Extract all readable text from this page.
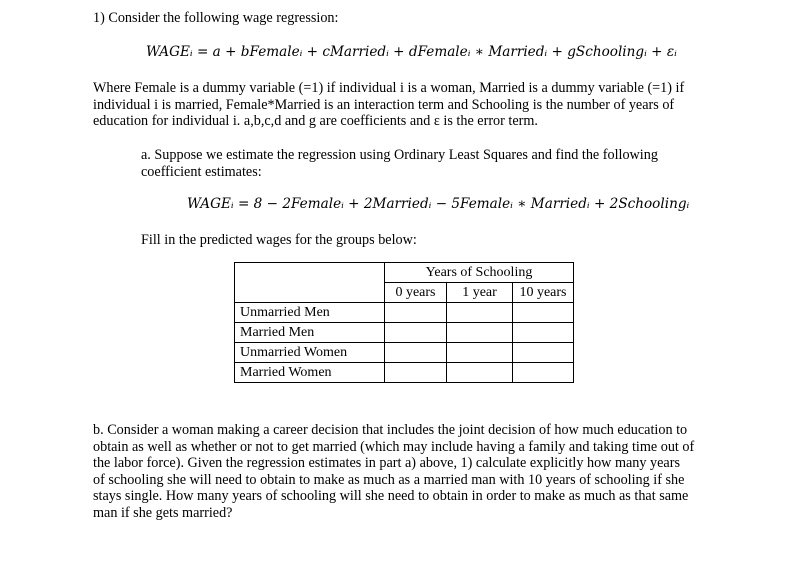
1) Consider the following wage regression:
WAGEᵢ = a + bFemaleᵢ + cMarriedᵢ + dFemaleᵢ ∗ Marriedᵢ + gSchoolingᵢ + εᵢ
Where Female is a dummy variable (=1) if individual i is a woman, Married is a dummy variable (=1) if
individual i is married, Female*Married is an interaction term and Schooling is the number of years of
education for individual i. a,b,c,d and g are coefficients and ε is the error term.
a. Suppose we estimate the regression using Ordinary Least Squares and find the following
coefficient estimates:
WAGEᵢ = 8 − 2Femaleᵢ + 2Marriedᵢ − 5Femaleᵢ ∗ Marriedᵢ + 2Schoolingᵢ
Fill in the predicted wages for the groups below:
	Years of Schooling		
	0 years	1 year	10 years
Unmarried Men			
Married Men			
Unmarried Women			
Married Women			
b. Consider a woman making a career decision that includes the joint decision of how much education to
obtain as well as whether or not to get married (which may include having a family and taking time out of
the labor force). Given the regression estimates in part a) above, 1) calculate explicitly how many years
of schooling she will need to obtain to make as much as a married man with 10 years of schooling if she
stays single. How many years of schooling will she need to obtain in order to make as much as that same
man if she gets married?
